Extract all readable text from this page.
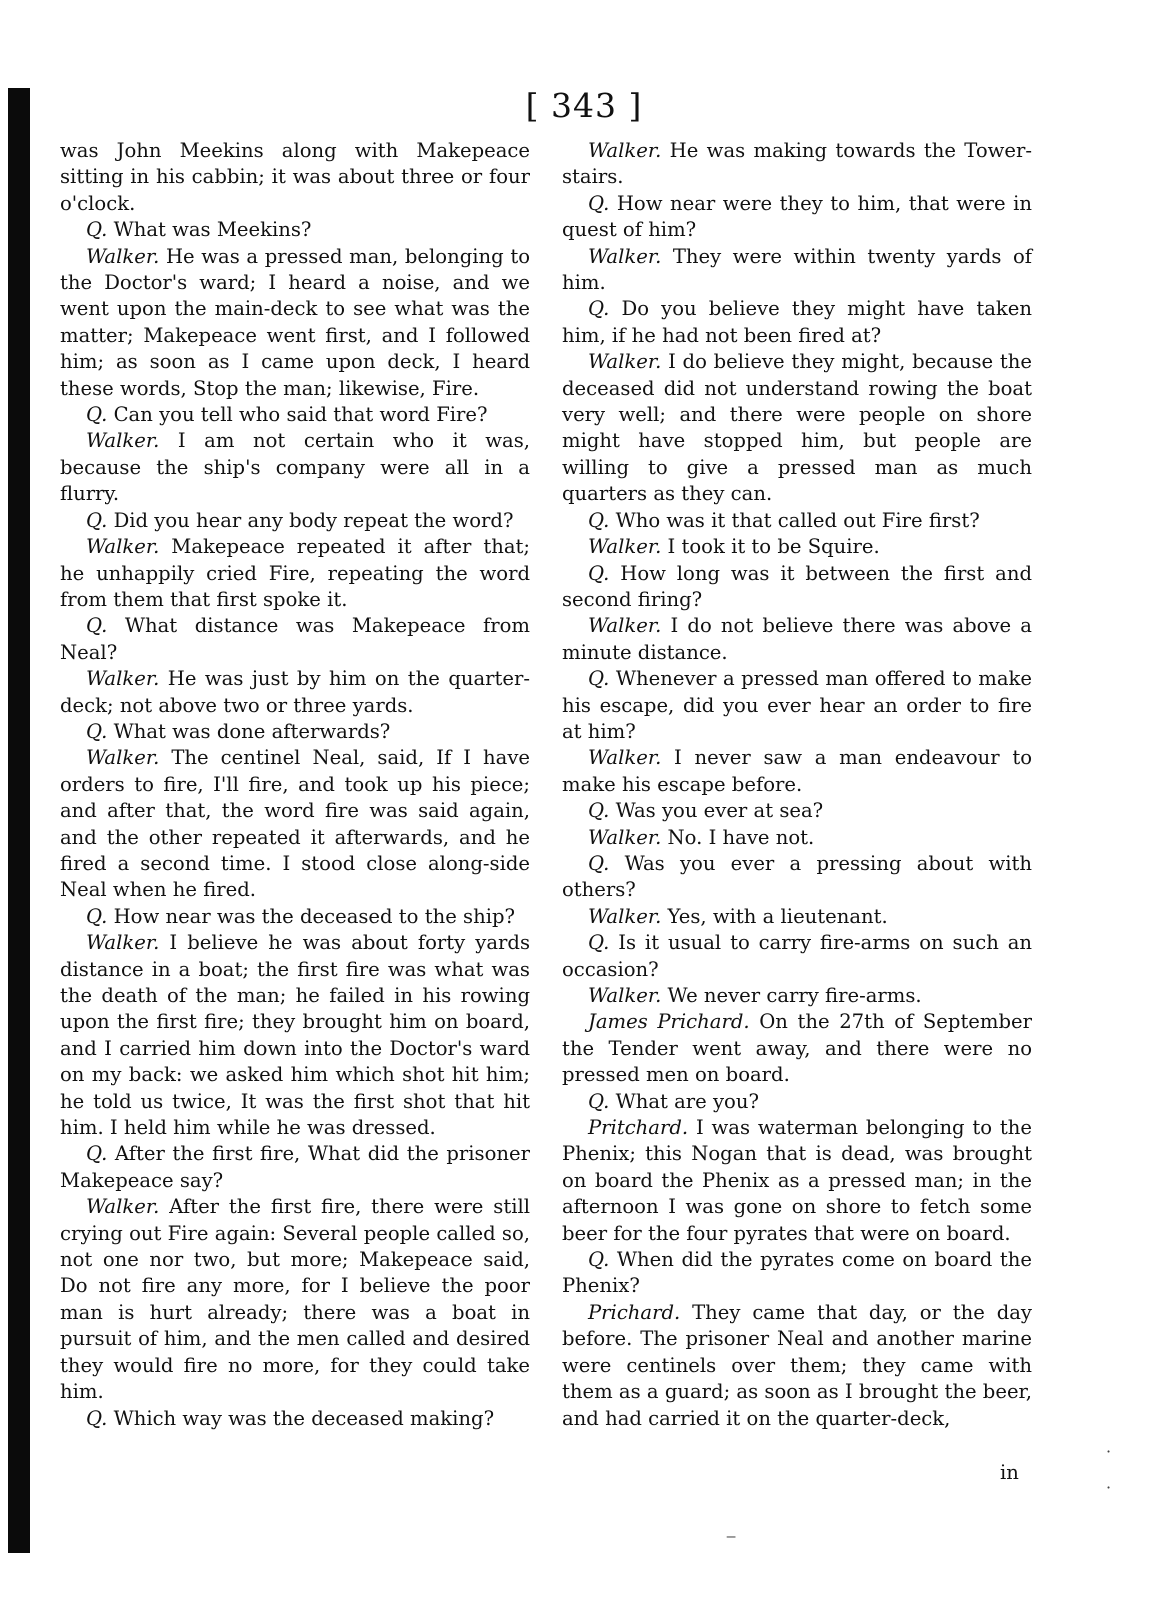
[ 343 ]

was John Meekins along with Makepeace sitting in his cabbin; it was about three or four o'clock.

Q. What was Meekins?

Walker. He was a pressed man, belonging to the Doctor's ward; I heard a noise, and we went upon the main-deck to see what was the matter; Makepeace went first, and I followed him; as soon as I came upon deck, I heard these words, Stop the man; likewise, Fire.

Q. Can you tell who said that word Fire?

Walker. I am not certain who it was, because the ship's company were all in a flurry.

Q. Did you hear any body repeat the word?

Walker. Makepeace repeated it after that; he unhappily cried Fire, repeating the word from them that first spoke it.

Q. What distance was Makepeace from Neal?

Walker. He was just by him on the quarter-deck; not above two or three yards.

Q. What was done afterwards?

Walker. The centinel Neal, said, If I have orders to fire, I'll fire, and took up his piece; and after that, the word fire was said again, and the other repeated it afterwards, and he fired a second time. I stood close along-side Neal when he fired.

Q. How near was the deceased to the ship?

Walker. I believe he was about forty yards distance in a boat; the first fire was what was the death of the man; he failed in his rowing upon the first fire; they brought him on board, and I carried him down into the Doctor's ward on my back: we asked him which shot hit him; he told us twice, It was the first shot that hit him. I held him while he was dressed.

Q. After the first fire, What did the prisoner Makepeace say?

Walker. After the first fire, there were still crying out Fire again: Several people called so, not one nor two, but more; Makepeace said, Do not fire any more, for I believe the poor man is hurt already; there was a boat in pursuit of him, and the men called and desired they would fire no more, for they could take him.

Q. Which way was the deceased making?

Walker. He was making towards the Tower-stairs.

Q. How near were they to him, that were in quest of him?

Walker. They were within twenty yards of him.

Q. Do you believe they might have taken him, if he had not been fired at?

Walker. I do believe they might, because the deceased did not understand rowing the boat very well; and there were people on shore might have stopped him, but people are willing to give a pressed man as much quarters as they can.

Q. Who was it that called out Fire first?

Walker. I took it to be Squire.

Q. How long was it between the first and second firing?

Walker. I do not believe there was above a minute distance.

Q. Whenever a pressed man offered to make his escape, did you ever hear an order to fire at him?

Walker. I never saw a man endeavour to make his escape before.

Q. Was you ever at sea?

Walker. No. I have not.

Q. Was you ever a pressing about with others?

Walker. Yes, with a lieutenant.

Q. Is it usual to carry fire-arms on such an occasion?

Walker. We never carry fire-arms.

James Prichard. On the 27th of September the Tender went away, and there were no pressed men on board.

Q. What are you?

Pritchard. I was waterman belonging to the Phenix; this Nogan that is dead, was brought on board the Phenix as a pressed man; in the afternoon I was gone on shore to fetch some beer for the four pyrates that were on board.

Q. When did the pyrates come on board the Phenix?

Prichard. They came that day, or the day before. The prisoner Neal and another marine were centinels over them; they came with them as a guard; as soon as I brought the beer, and had carried it on the quarter-deck,

in
·
·
‒
